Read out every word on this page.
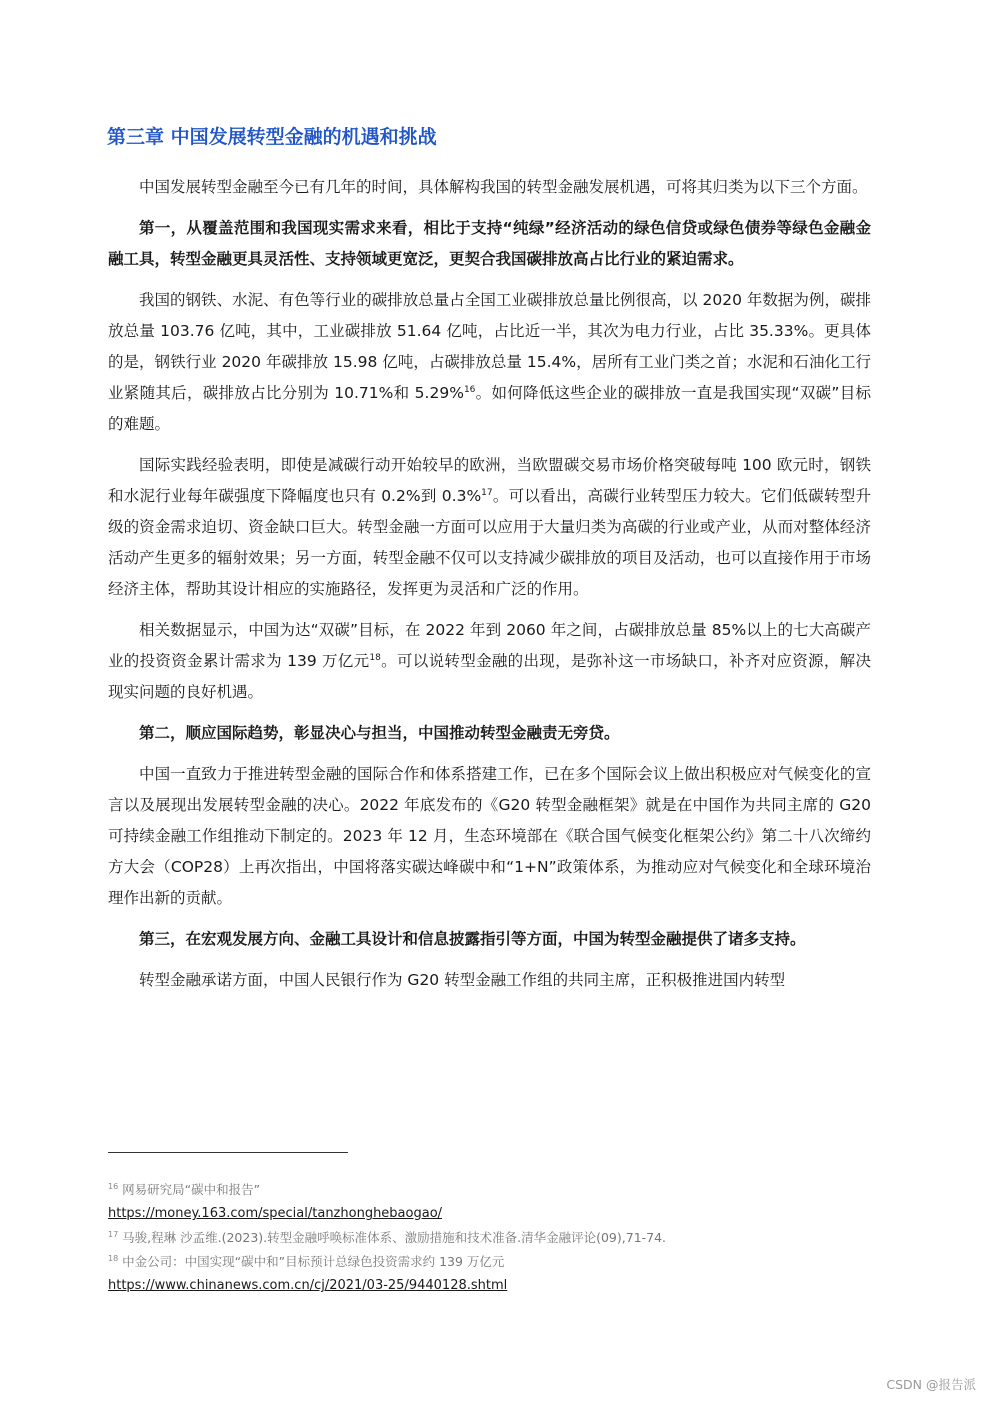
第三章 中国发展转型金融的机遇和挑战

中国发展转型金融至今已有几年的时间，具体解构我国的转型金融发展机遇，可将其归类为以下三个方面。

第一，从覆盖范围和我国现实需求来看，相比于支持“纯绿”经济活动的绿色信贷或绿色债券等绿色金融金融工具，转型金融更具灵活性、支持领域更宽泛，更契合我国碳排放高占比行业的紧迫需求。

我国的钢铁、水泥、有色等行业的碳排放总量占全国工业碳排放总量比例很高，以 2020 年数据为例，碳排放总量 103.76 亿吨，其中，工业碳排放 51.64 亿吨，占比近一半，其次为电力行业，占比 35.33%。更具体的是，钢铁行业 2020 年碳排放 15.98 亿吨，占碳排放总量 15.4%，居所有工业门类之首；水泥和石油化工行业紧随其后，碳排放占比分别为 10.71%和 5.29%$^{16}$。如何降低这些企业的碳排放一直是我国实现“双碳”目标的难题。

国际实践经验表明，即使是减碳行动开始较早的欧洲，当欧盟碳交易市场价格突破每吨 100 欧元时，钢铁和水泥行业每年碳强度下降幅度也只有 0.2%到 0.3%$^{17}$。可以看出，高碳行业转型压力较大。它们低碳转型升级的资金需求迫切、资金缺口巨大。转型金融一方面可以应用于大量归类为高碳的行业或产业，从而对整体经济活动产生更多的辐射效果；另一方面，转型金融不仅可以支持减少碳排放的项目及活动，也可以直接作用于市场经济主体，帮助其设计相应的实施路径，发挥更为灵活和广泛的作用。

相关数据显示，中国为达“双碳”目标，在 2022 年到 2060 年之间，占碳排放总量 85%以上的七大高碳产业的投资资金累计需求为 139 万亿元$^{18}$。可以说转型金融的出现，是弥补这一市场缺口，补齐对应资源，解决现实问题的良好机遇。

第二，顺应国际趋势，彰显决心与担当，中国推动转型金融责无旁贷。

中国一直致力于推进转型金融的国际合作和体系搭建工作，已在多个国际会议上做出积极应对气候变化的宣言以及展现出发展转型金融的决心。2022 年底发布的《G20 转型金融框架》就是在中国作为共同主席的 G20 可持续金融工作组推动下制定的。2023 年 12 月，生态环境部在《联合国气候变化框架公约》第二十八次缔约方大会（COP28）上再次指出，中国将落实碳达峰碳中和“1+N”政策体系，为推动应对气候变化和全球环境治理作出新的贡献。

第三，在宏观发展方向、金融工具设计和信息披露指引等方面，中国为转型金融提供了诸多支持。

转型金融承诺方面，中国人民银行作为 G20 转型金融工作组的共同主席，正积极推进国内转型

$^{16}$ 网易研究局“碳中和报告”
https://money.163.com/special/tanzhonghebaogao/
$^{17}$ 马骏,程琳 沙孟维.(2023).转型金融呼唤标准体系、激励措施和技术准备.清华金融评论(09),71-74.
$^{18}$ 中金公司：中国实现“碳中和”目标预计总绿色投资需求约 139 万亿元
https://www.chinanews.com.cn/cj/2021/03-25/9440128.shtml
CSDN @报告派
